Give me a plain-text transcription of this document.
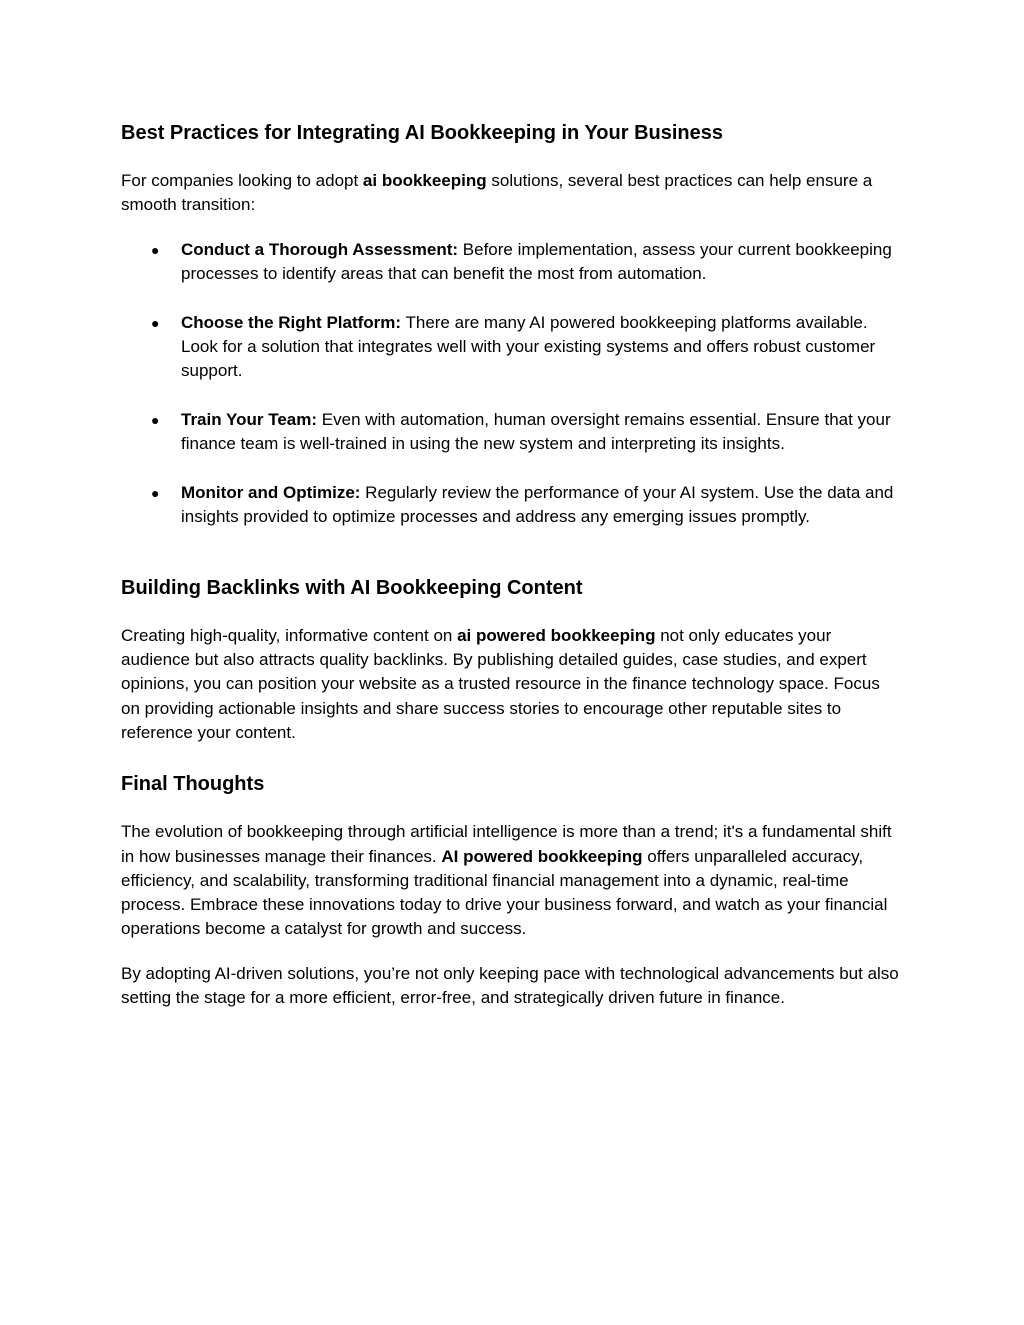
Best Practices for Integrating AI Bookkeeping in Your Business

For companies looking to adopt ai bookkeeping solutions, several best practices can help ensure a smooth transition:

● Conduct a Thorough Assessment: Before implementation, assess your current bookkeeping processes to identify areas that can benefit the most from automation.
● Choose the Right Platform: There are many AI powered bookkeeping platforms available. Look for a solution that integrates well with your existing systems and offers robust customer support.
● Train Your Team: Even with automation, human oversight remains essential. Ensure that your finance team is well-trained in using the new system and interpreting its insights.
● Monitor and Optimize: Regularly review the performance of your AI system. Use the data and insights provided to optimize processes and address any emerging issues promptly.
Building Backlinks with AI Bookkeeping Content

Creating high-quality, informative content on ai powered bookkeeping not only educates your audience but also attracts quality backlinks. By publishing detailed guides, case studies, and expert opinions, you can position your website as a trusted resource in the finance technology space. Focus on providing actionable insights and share success stories to encourage other reputable sites to reference your content.

Final Thoughts

The evolution of bookkeeping through artificial intelligence is more than a trend; it's a fundamental shift in how businesses manage their finances. AI powered bookkeeping offers unparalleled accuracy, efficiency, and scalability, transforming traditional financial management into a dynamic, real-time process. Embrace these innovations today to drive your business forward, and watch as your financial operations become a catalyst for growth and success.

By adopting AI-driven solutions, you’re not only keeping pace with technological advancements but also setting the stage for a more efficient, error-free, and strategically driven future in finance.
